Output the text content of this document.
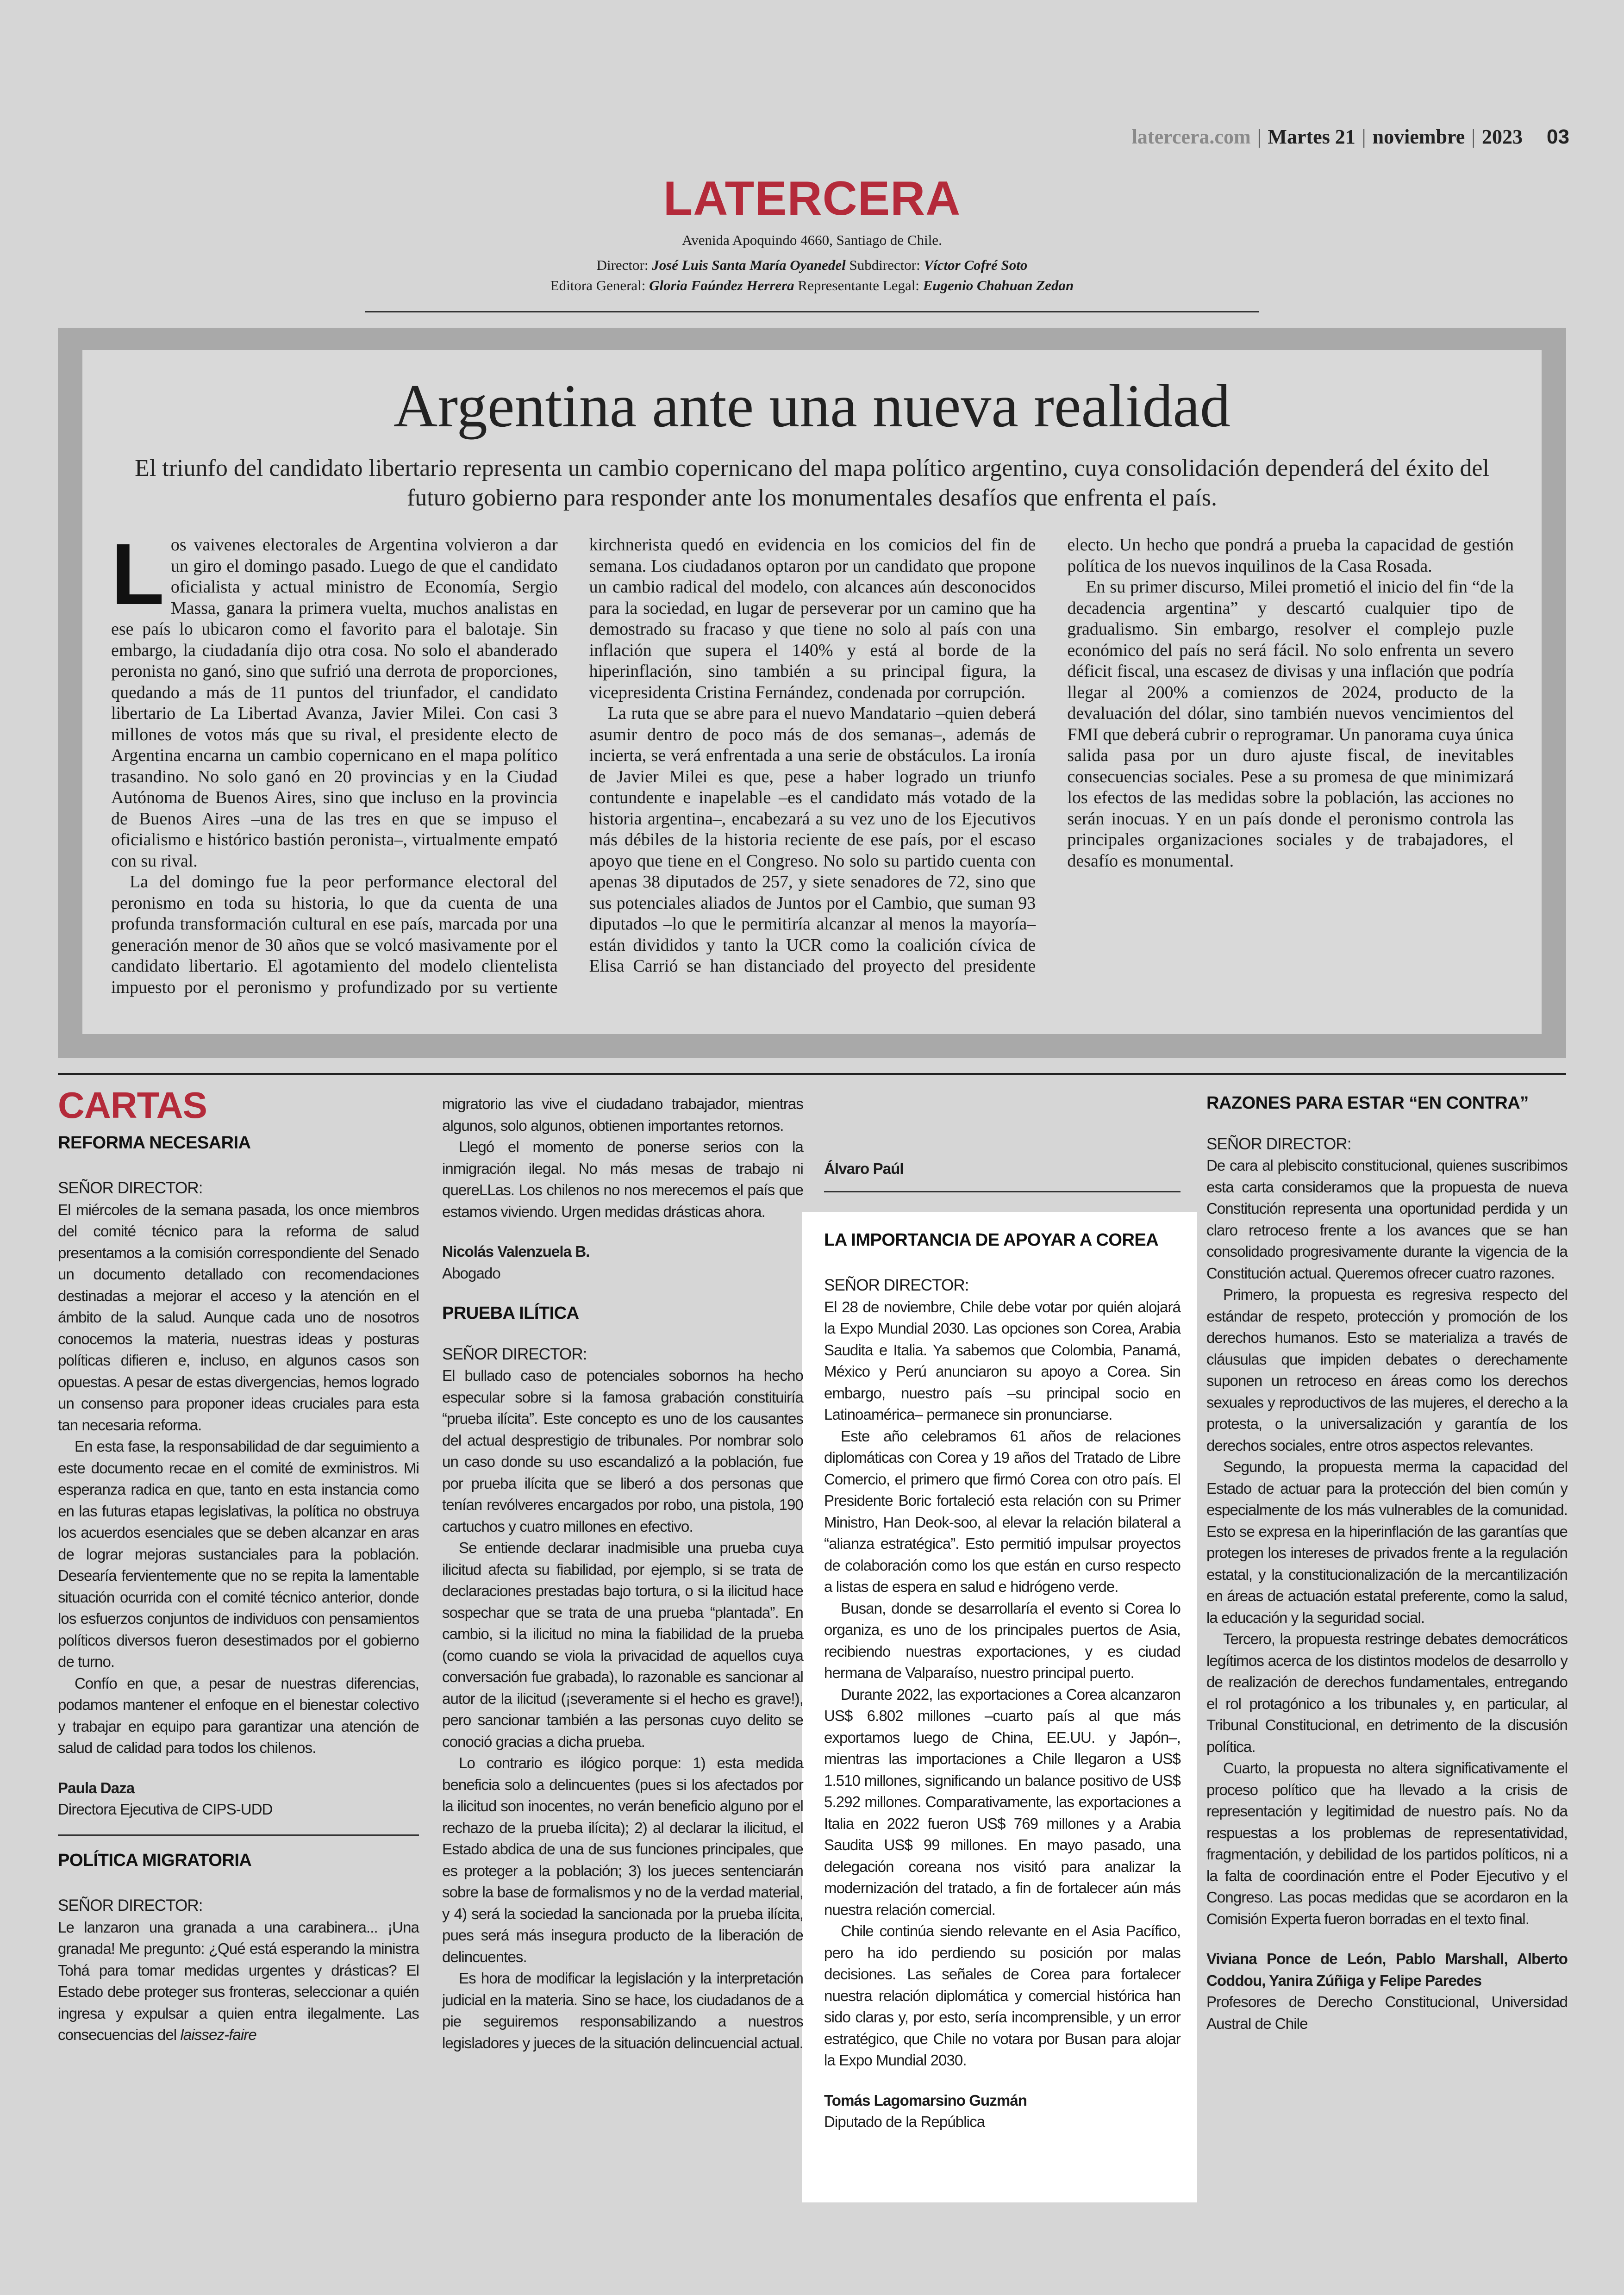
latercera.com | Martes 21 | noviembre | 2023 03
LATERCERA
Avenida Apoquindo 4660, Santiago de Chile.
Director: José Luis Santa María Oyanedel Subdirector: Víctor Cofré Soto
Editora General: Gloria Faúndez Herrera Representante Legal: Eugenio Chahuan Zedan
Argentina ante una nueva realidad
El triunfo del candidato libertario representa un cambio copernicano del mapa político argentino, cuya consolidación dependerá del éxito del futuro gobierno para responder ante los monumentales desafíos que enfrenta el país.

Los vaivenes electorales de Argentina volvieron a dar un giro el domingo pasado. Luego de que el candidato oficialista y actual ministro de Economía, Sergio Massa, ganara la primera vuelta, muchos analistas en ese país lo ubicaron como el favorito para el balotaje. Sin embargo, la ciudadanía dijo otra cosa. No solo el abanderado peronista no ganó, sino que sufrió una derrota de proporciones, quedando a más de 11 puntos del triunfador, el candidato libertario de La Libertad Avanza, Javier Milei. Con casi 3 millones de votos más que su rival, el presidente electo de Argentina encarna un cambio copernicano en el mapa político trasandino. No solo ganó en 20 provincias y en la Ciudad Autónoma de Buenos Aires, sino que incluso en la provincia de Buenos Aires –una de las tres en que se impuso el oficialismo e histórico bastión peronista–, virtualmente empató con su rival.

La del domingo fue la peor performance electoral del peronismo en toda su historia, lo que da cuenta de una profunda transformación cultural en ese país, marcada por una generación menor de 30 años que se volcó masivamente por el candidato libertario. El agotamiento del modelo clientelista impuesto por el peronismo y profundizado por su vertiente kirchnerista quedó en evidencia en los comicios del fin de semana. Los ciudadanos optaron por un candidato que propone un cambio radical del modelo, con alcances aún desconocidos para la sociedad, en lugar de perseverar por un camino que ha demostrado su fracaso y que tiene no solo al país con una inflación que supera el 140% y está al borde de la hiperinflación, sino también a su principal figura, la vicepresidenta Cristina Fernández, condenada por corrupción.

La ruta que se abre para el nuevo Mandatario –quien deberá asumir dentro de poco más de dos semanas–, además de incierta, se verá enfrentada a una serie de obstáculos. La ironía de Javier Milei es que, pese a haber logrado un triunfo contundente e inapelable –es el candidato más votado de la historia argentina–, encabezará a su vez uno de los Ejecutivos más débiles de la historia reciente de ese país, por el escaso apoyo que tiene en el Congreso. No solo su partido cuenta con apenas 38 diputados de 257, y siete senadores de 72, sino que sus potenciales aliados de Juntos por el Cambio, que suman 93 diputados –lo que le permitiría alcanzar al menos la mayoría– están divididos y tanto la UCR como la coalición cívica de Elisa Carrió se han distanciado del proyecto del presidente electo. Un hecho que pondrá a prueba la capacidad de gestión política de los nuevos inquilinos de la Casa Rosada.

En su primer discurso, Milei prometió el inicio del fin “de la decadencia argentina” y descartó cualquier tipo de gradualismo. Sin embargo, resolver el complejo puzle económico del país no será fácil. No solo enfrenta un severo déficit fiscal, una escasez de divisas y una inflación que podría llegar al 200% a comienzos de 2024, producto de la devaluación del dólar, sino también nuevos vencimientos del FMI que deberá cubrir o reprogramar. Un panorama cuya única salida pasa por un duro ajuste fiscal, de inevitables consecuencias sociales. Pese a su promesa de que minimizará los efectos de las medidas sobre la población, las acciones no serán inocuas. Y en un país donde el peronismo controla las principales organizaciones sociales y de trabajadores, el desafío es monumental.

CARTAS
REFORMA NECESARIA
SEÑOR DIRECTOR:

El miércoles de la semana pasada, los once miembros del comité técnico para la reforma de salud presentamos a la comisión correspondiente del Senado un documento detallado con recomendaciones destinadas a mejorar el acceso y la atención en el ámbito de la salud. Aunque cada uno de nosotros conocemos la materia, nuestras ideas y posturas políticas difieren e, incluso, en algunos casos son opuestas. A pesar de estas divergencias, hemos logrado un consenso para proponer ideas cruciales para esta tan necesaria reforma.

En esta fase, la responsabilidad de dar seguimiento a este documento recae en el comité de exministros. Mi esperanza radica en que, tanto en esta instancia como en las futuras etapas legislativas, la política no obstruya los acuerdos esenciales que se deben alcanzar en aras de lograr mejoras sustanciales para la población. Desearía fervientemente que no se repita la lamentable situación ocurrida con el comité técnico anterior, donde los esfuerzos conjuntos de individuos con pensamientos políticos diversos fueron desestimados por el gobierno de turno.

Confío en que, a pesar de nuestras diferencias, podamos mantener el enfoque en el bienestar colectivo y trabajar en equipo para garantizar una atención de salud de calidad para todos los chilenos.

Paula Daza
Directora Ejecutiva de CIPS-UDD
POLÍTICA MIGRATORIA
SEÑOR DIRECTOR:

Le lanzaron una granada a una carabinera... ¡Una granada! Me pregunto: ¿Qué está esperando la ministra Tohá para tomar medidas urgentes y drásticas? El Estado debe proteger sus fronteras, seleccionar a quién ingresa y expulsar a quien entra ilegalmente. Las consecuencias del laissez-faire

migratorio las vive el ciudadano trabajador, mientras algunos, solo algunos, obtienen importantes retornos.

Llegó el momento de ponerse serios con la inmigración ilegal. No más mesas de trabajo ni quereLLas. Los chilenos no nos merecemos el país que estamos viviendo. Urgen medidas drásticas ahora.

Nicolás Valenzuela B.
Abogado
PRUEBA ILÍTICA
SEÑOR DIRECTOR:

El bullado caso de potenciales sobornos ha hecho especular sobre si la famosa grabación constituiría “prueba ilícita”. Este concepto es uno de los causantes del actual desprestigio de tribunales. Por nombrar solo un caso donde su uso escandalizó a la población, fue por prueba ilícita que se liberó a dos personas que tenían revólveres encargados por robo, una pistola, 190 cartuchos y cuatro millones en efectivo.

Se entiende declarar inadmisible una prueba cuya ilicitud afecta su fiabilidad, por ejemplo, si se trata de declaraciones prestadas bajo tortura, o si la ilicitud hace sospechar que se trata de una prueba “plantada”. En cambio, si la ilicitud no mina la fiabilidad de la prueba (como cuando se viola la privacidad de aquellos cuya conversación fue grabada), lo razonable es sancionar al autor de la ilicitud (¡severamente si el hecho es grave!), pero sancionar también a las personas cuyo delito se conoció gracias a dicha prueba.

Lo contrario es ilógico porque: 1) esta medida beneficia solo a delincuentes (pues si los afectados por la ilicitud son inocentes, no verán beneficio alguno por el rechazo de la prueba ilícita); 2) al declarar la ilicitud, el Estado abdica de una de sus funciones principales, que es proteger a la población; 3) los jueces sentenciarán sobre la base de formalismos y no de la verdad material, y 4) será la sociedad la sancionada por la prueba ilícita, pues será más insegura producto de la liberación de delincuentes.

Es hora de modificar la legislación y la interpretación judicial en la materia. Sino se hace, los ciudadanos de a pie seguiremos responsabilizando a nuestros legisladores y jueces de la situación delincuencial actual.

Álvaro Paúl
LA IMPORTANCIA DE APOYAR A COREA
SEÑOR DIRECTOR:

El 28 de noviembre, Chile debe votar por quién alojará la Expo Mundial 2030. Las opciones son Corea, Arabia Saudita e Italia. Ya sabemos que Colombia, Panamá, México y Perú anunciaron su apoyo a Corea. Sin embargo, nuestro país –su principal socio en Latinoamérica– permanece sin pronunciarse.

Este año celebramos 61 años de relaciones diplomáticas con Corea y 19 años del Tratado de Libre Comercio, el primero que firmó Corea con otro país. El Presidente Boric fortaleció esta relación con su Primer Ministro, Han Deok-soo, al elevar la relación bilateral a “alianza estratégica”. Esto permitió impulsar proyectos de colaboración como los que están en curso respecto a listas de espera en salud e hidrógeno verde.

Busan, donde se desarrollaría el evento si Corea lo organiza, es uno de los principales puertos de Asia, recibiendo nuestras exportaciones, y es ciudad hermana de Valparaíso, nuestro principal puerto.

Durante 2022, las exportaciones a Corea alcanzaron US$ 6.802 millones –cuarto país al que más exportamos luego de China, EE.UU. y Japón–, mientras las importaciones a Chile llegaron a US$ 1.510 millones, significando un balance positivo de US$ 5.292 millones. Comparativamente, las exportaciones a Italia en 2022 fueron US$ 769 millones y a Arabia Saudita US$ 99 millones. En mayo pasado, una delegación coreana nos visitó para analizar la modernización del tratado, a fin de fortalecer aún más nuestra relación comercial.

Chile continúa siendo relevante en el Asia Pacífico, pero ha ido perdiendo su posición por malas decisiones. Las señales de Corea para fortalecer nuestra relación diplomática y comercial histórica han sido claras y, por esto, sería incomprensible, y un error estratégico, que Chile no votara por Busan para alojar la Expo Mundial 2030.

Tomás Lagomarsino Guzmán
Diputado de la República
RAZONES PARA ESTAR “EN CONTRA”
SEÑOR DIRECTOR:

De cara al plebiscito constitucional, quienes suscribimos esta carta consideramos que la propuesta de nueva Constitución representa una oportunidad perdida y un claro retroceso frente a los avances que se han consolidado progresivamente durante la vigencia de la Constitución actual. Queremos ofrecer cuatro razones.

Primero, la propuesta es regresiva respecto del estándar de respeto, protección y promoción de los derechos humanos. Esto se materializa a través de cláusulas que impiden debates o derechamente suponen un retroceso en áreas como los derechos sexuales y reproductivos de las mujeres, el derecho a la protesta, o la universalización y garantía de los derechos sociales, entre otros aspectos relevantes.

Segundo, la propuesta merma la capacidad del Estado de actuar para la protección del bien común y especialmente de los más vulnerables de la comunidad. Esto se expresa en la hiperinflación de las garantías que protegen los intereses de privados frente a la regulación estatal, y la constitucionalización de la mercantilización en áreas de actuación estatal preferente, como la salud, la educación y la seguridad social.

Tercero, la propuesta restringe debates democráticos legítimos acerca de los distintos modelos de desarrollo y de realización de derechos fundamentales, entregando el rol protagónico a los tribunales y, en particular, al Tribunal Constitucional, en detrimento de la discusión política.

Cuarto, la propuesta no altera significativamente el proceso político que ha llevado a la crisis de representación y legitimidad de nuestro país. No da respuestas a los problemas de representatividad, fragmentación, y debilidad de los partidos políticos, ni a la falta de coordinación entre el Poder Ejecutivo y el Congreso. Las pocas medidas que se acordaron en la Comisión Experta fueron borradas en el texto final.

Viviana Ponce de León, Pablo Marshall, Alberto Coddou, Yanira Zúñiga y Felipe Paredes
Profesores de Derecho Constitucional, Universidad Austral de Chile
